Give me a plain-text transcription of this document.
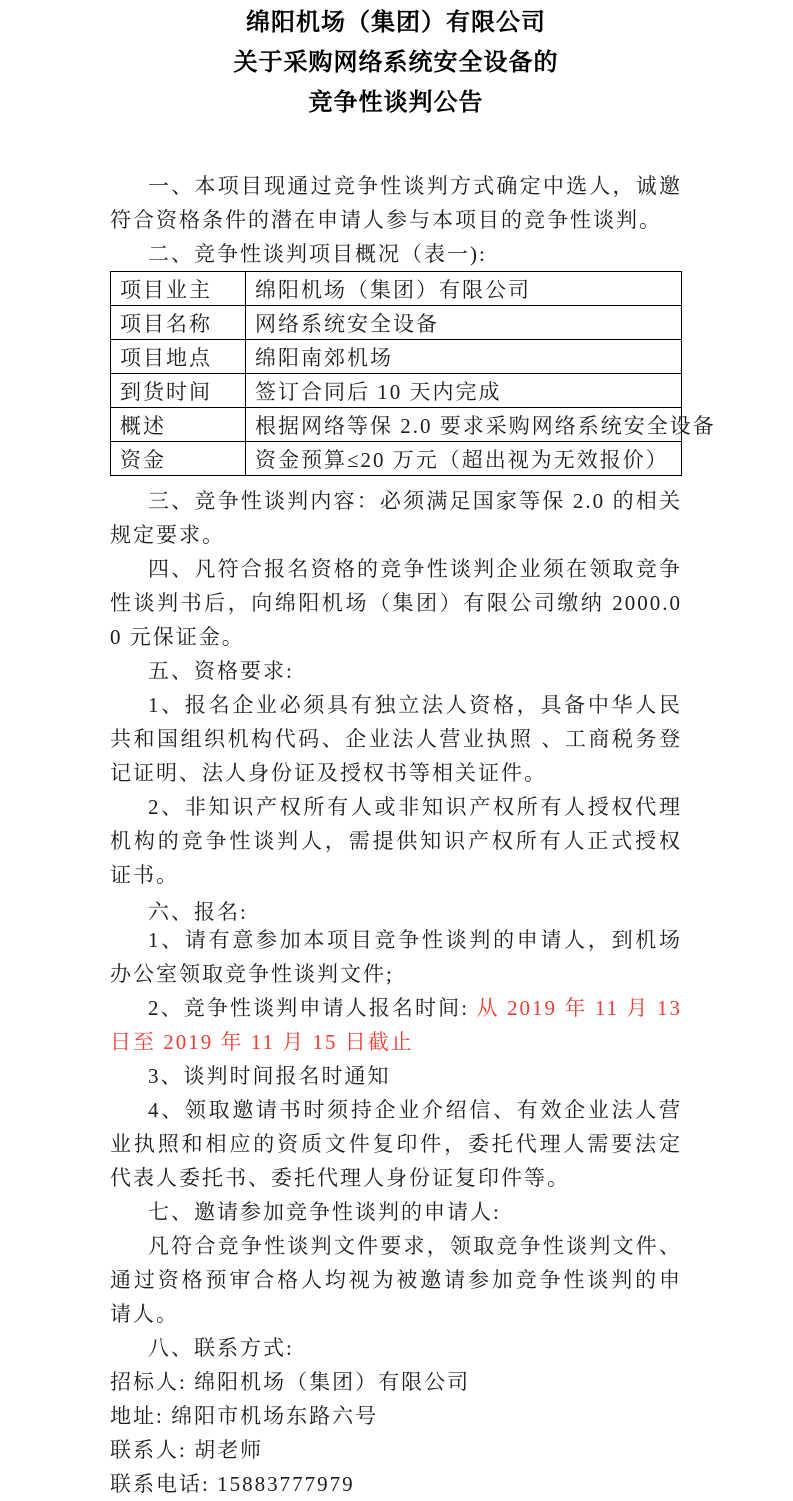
绵阳机场（集团）有限公司
关于采购网络系统安全设备的
竞争性谈判公告

一、本项目现通过竞争性谈判方式确定中选人，诚邀符合资格条件的潜在申请人参与本项目的竞争性谈判。

二、竞争性谈判项目概况（表一):

项目业主	绵阳机场（集团）有限公司
项目名称	网络系统安全设备
项目地点	绵阳南郊机场
到货时间	签订合同后 10 天内完成
概述	根据网络等保 2.0 要求采购网络系统安全设备
资金	资金预算≤20 万元（超出视为无效报价）

三、竞争性谈判内容：必须满足国家等保 2.0 的相关规定要求。

四、凡符合报名资格的竞争性谈判企业须在领取竞争性谈判书后，向绵阳机场（集团）有限公司缴纳 2000.00 元保证金。

五、资格要求:

1、报名企业必须具有独立法人资格，具备中华人民共和国组织机构代码、企业法人营业执照 、工商税务登记证明、法人身份证及授权书等相关证件。

2、非知识产权所有人或非知识产权所有人授权代理机构的竞争性谈判人，需提供知识产权所有人正式授权证书。

六、报名:

1、请有意参加本项目竞争性谈判的申请人，到机场办公室领取竞争性谈判文件;

2、竞争性谈判申请人报名时间: 从 2019 年 11 月 13 日至 2019 年 11 月 15 日截止

3、谈判时间报名时通知

4、领取邀请书时须持企业介绍信、有效企业法人营业执照和相应的资质文件复印件，委托代理人需要法定代表人委托书、委托代理人身份证复印件等。

七、邀请参加竞争性谈判的申请人:

凡符合竞争性谈判文件要求，领取竞争性谈判文件、通过资格预审合格人均视为被邀请参加竞争性谈判的申请人。

八、联系方式:

招标人: 绵阳机场（集团）有限公司

地址: 绵阳市机场东路六号

联系人: 胡老师

联系电话: 15883777979
